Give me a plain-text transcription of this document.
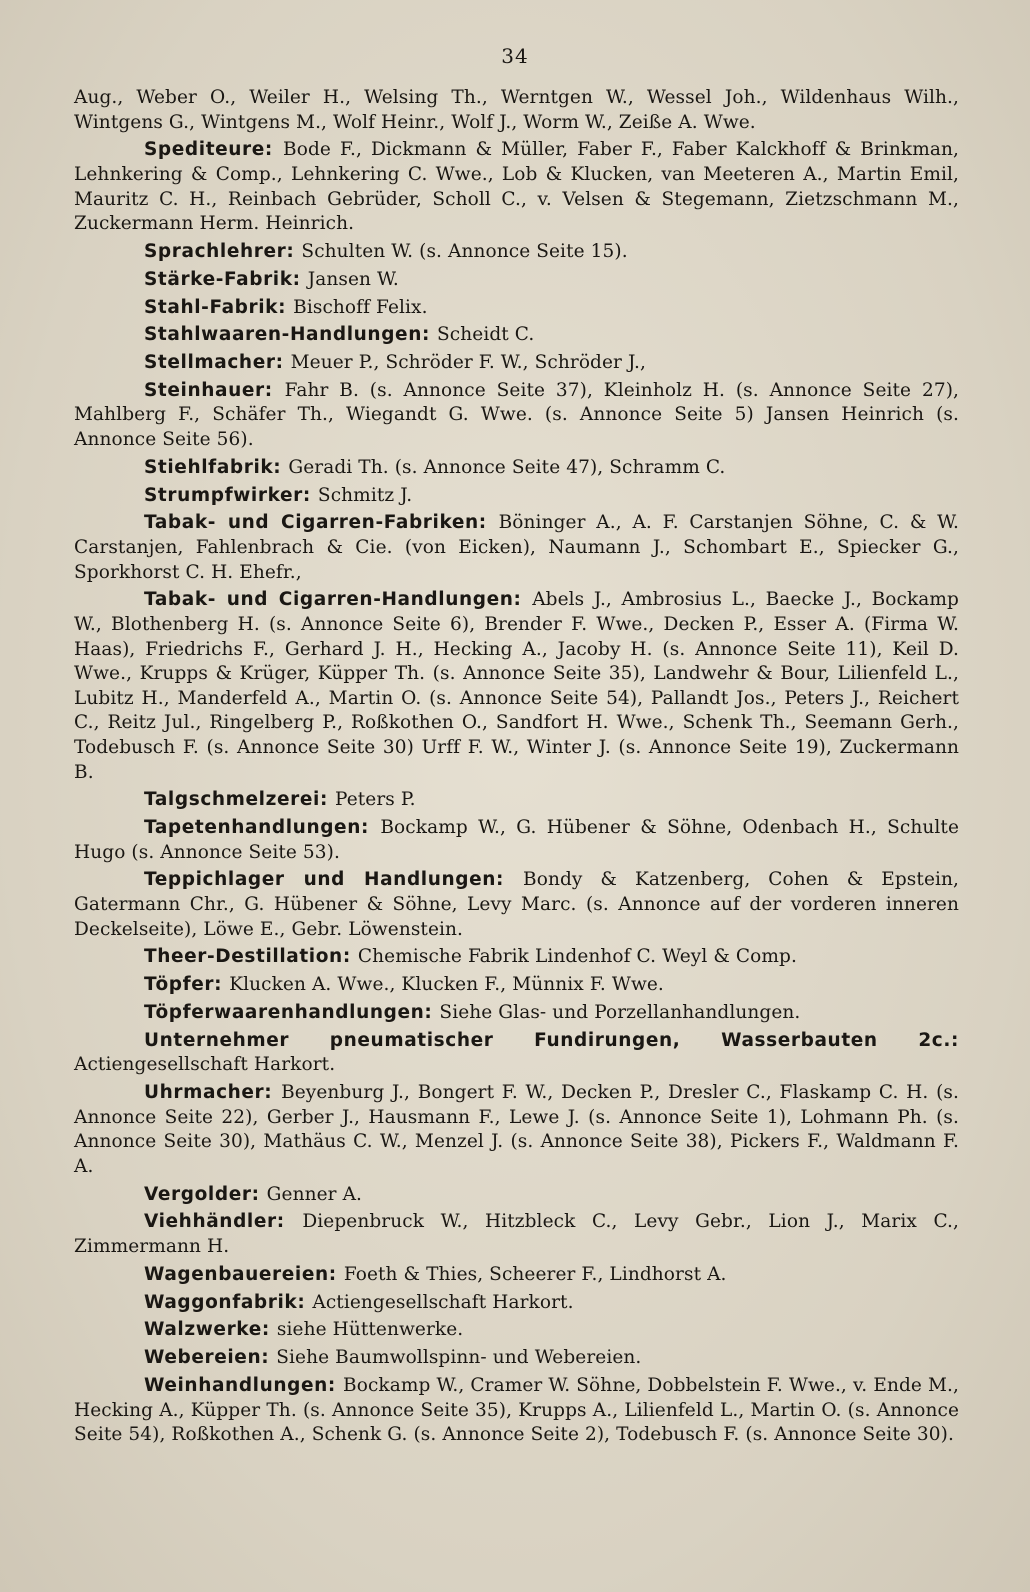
34

Aug., Weber O., Weiler H., Welsing Th., Werntgen W., Wessel Joh., Wildenhaus Wilh., Wintgens G., Wintgens M., Wolf Heinr., Wolf J., Worm W., Zeiße A. Wwe.

Spediteure: Bode F., Dickmann & Müller, Faber F., Faber Kalckhoff & Brinkman, Lehnkering & Comp., Lehnkering C. Wwe., Lob & Klucken, van Meeteren A., Martin Emil, Mauritz C. H., Reinbach Gebrüder, Scholl C., v. Velsen & Stegemann, Zietzschmann M., Zuckermann Herm. Heinrich.

Sprachlehrer: Schulten W. (s. Annonce Seite 15).

Stärke-Fabrik: Jansen W.

Stahl-Fabrik: Bischoff Felix.

Stahlwaaren-Handlungen: Scheidt C.

Stellmacher: Meuer P., Schröder F. W., Schröder J.,

Steinhauer: Fahr B. (s. Annonce Seite 37), Kleinholz H. (s. Annonce Seite 27), Mahlberg F., Schäfer Th., Wiegandt G. Wwe. (s. Annonce Seite 5) Jansen Heinrich (s. Annonce Seite 56).

Stiehlfabrik: Geradi Th. (s. Annonce Seite 47), Schramm C.

Strumpfwirker: Schmitz J.

Tabak- und Cigarren-Fabriken: Böninger A., A. F. Carstanjen Söhne, C. & W. Carstanjen, Fahlenbrach & Cie. (von Eicken), Naumann J., Schombart E., Spiecker G., Sporkhorst C. H. Ehefr.,

Tabak- und Cigarren-Handlungen: Abels J., Ambrosius L., Baecke J., Bockamp W., Blothenberg H. (s. Annonce Seite 6), Brender F. Wwe., Decken P., Esser A. (Firma W. Haas), Friedrichs F., Gerhard J. H., Hecking A., Jacoby H. (s. Annonce Seite 11), Keil D. Wwe., Krupps & Krüger, Küpper Th. (s. Annonce Seite 35), Landwehr & Bour, Lilienfeld L., Lubitz H., Manderfeld A., Martin O. (s. Annonce Seite 54), Pallandt Jos., Peters J., Reichert C., Reitz Jul., Ringelberg P., Roßkothen O., Sandfort H. Wwe., Schenk Th., Seemann Gerh., Todebusch F. (s. Annonce Seite 30) Urff F. W., Winter J. (s. Annonce Seite 19), Zuckermann B.

Talgschmelzerei: Peters P.

Tapetenhandlungen: Bockamp W., G. Hübener & Söhne, Odenbach H., Schulte Hugo (s. Annonce Seite 53).

Teppichlager und Handlungen: Bondy & Katzenberg, Cohen & Epstein, Gatermann Chr., G. Hübener & Söhne, Levy Marc. (s. Annonce auf der vorderen inneren Deckelseite), Löwe E., Gebr. Löwenstein.

Theer-Destillation: Chemische Fabrik Lindenhof C. Weyl & Comp.

Töpfer: Klucken A. Wwe., Klucken F., Münnix F. Wwe.

Töpferwaarenhandlungen: Siehe Glas- und Porzellanhandlungen.

Unternehmer pneumatischer Fundirungen, Wasserbauten 2c.:Actiengesellschaft Harkort.

Uhrmacher: Beyenburg J., Bongert F. W., Decken P., Dresler C., Flaskamp C. H. (s. Annonce Seite 22), Gerber J., Hausmann F., Lewe J. (s. Annonce Seite 1), Lohmann Ph. (s. Annonce Seite 30), Mathäus C. W., Menzel J. (s. Annonce Seite 38), Pickers F., Waldmann F. A.

Vergolder: Genner A.

Viehhändler: Diepenbruck W., Hitzbleck C., Levy Gebr., Lion J., Marix C., Zimmermann H.

Wagenbauereien: Foeth & Thies, Scheerer F., Lindhorst A.

Waggonfabrik: Actiengesellschaft Harkort.

Walzwerke: siehe Hüttenwerke.

Webereien: Siehe Baumwollspinn- und Webereien.

Weinhandlungen: Bockamp W., Cramer W. Söhne, Dobbelstein F. Wwe., v. Ende M., Hecking A., Küpper Th. (s. Annonce Seite 35), Krupps A., Lilienfeld L., Martin O. (s. Annonce Seite 54), Roßkothen A., Schenk G. (s. Annonce Seite 2), Todebusch F. (s. Annonce Seite 30).
